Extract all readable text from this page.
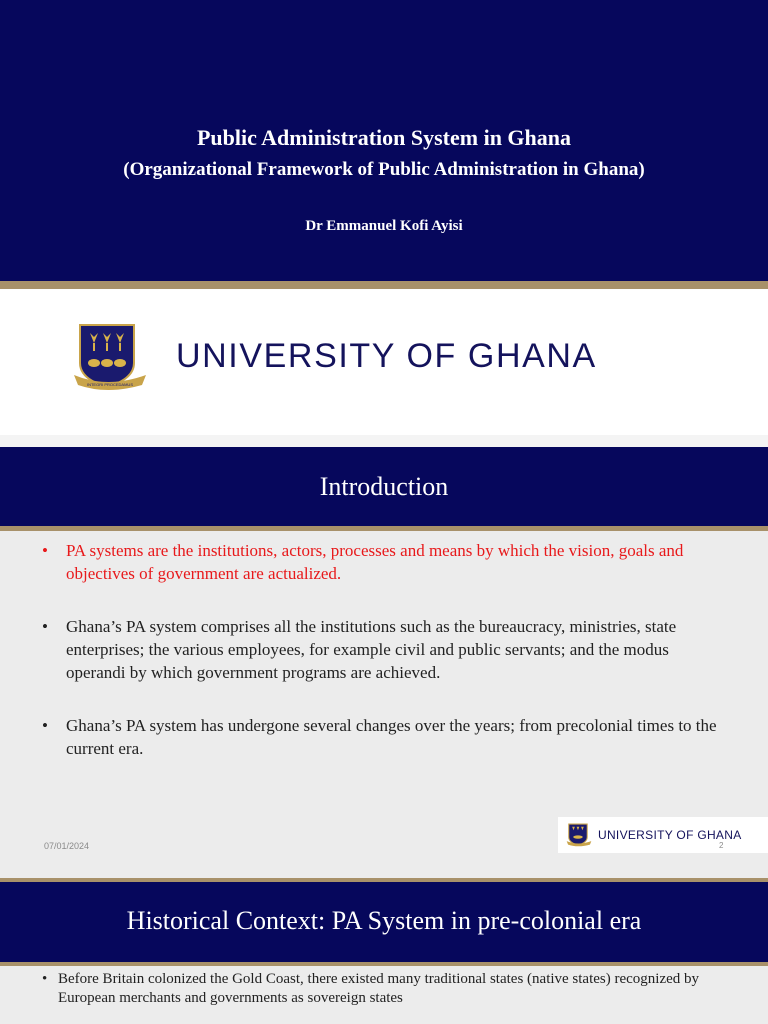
Public Administration System in Ghana
(Organizational Framework of Public Administration in Ghana)
Dr Emmanuel Kofi Ayisi
INTEGRI PROCEDAMUS
UNIVERSITY OF GHANA
Introduction
• PA systems are the institutions, actors, processes and means by which the vision, goals and objectives of government are actualized.
• Ghana’s PA system comprises all the institutions such as the bureaucracy, ministries, state enterprises; the various employees, for example civil and public servants; and the modus operandi by which government programs are achieved.
• Ghana’s PA system has undergone several changes over the years; from precolonial times to the current era.
07/01/2024
UNIVERSITY OF GHANA
2
Historical Context: PA System in pre-colonial era
• Before Britain colonized the Gold Coast, there existed many traditional states (native states) recognized by European merchants and governments as sovereign states
